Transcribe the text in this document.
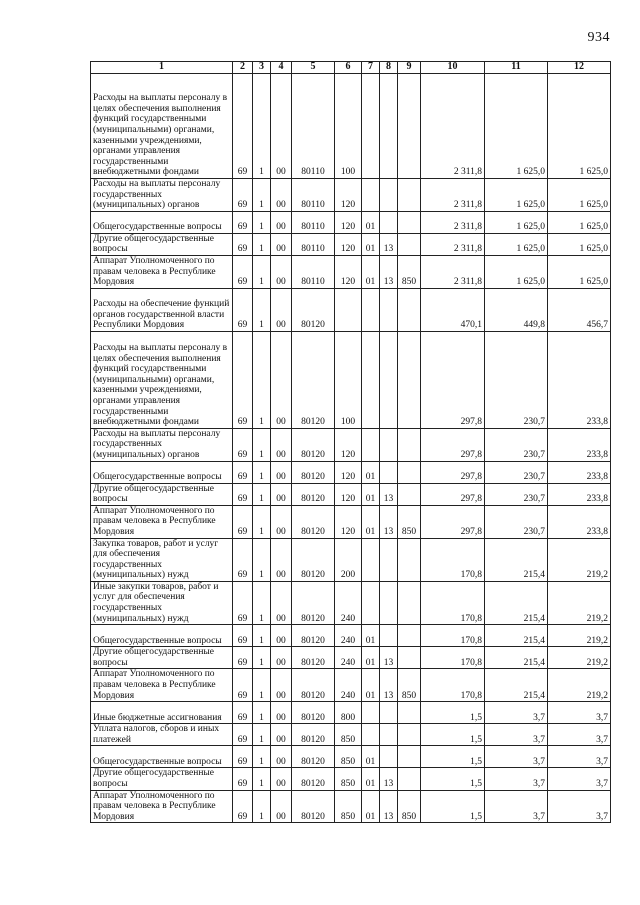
934
1	2	3	4	5	6	7	8	9	10	11	12
Расходы на выплаты персоналу в целях обеспечения выполнения функций государственными (муниципальными) органами, казенными учреждениями, органами управления государственными внебюджетными фондами	69	1	00	80110	100				2 311,8	1 625,0	1 625,0
Расходы на выплаты персоналу государственных (муниципальных) органов	69	1	00	80110	120				2 311,8	1 625,0	1 625,0
Общегосударственные вопросы	69	1	00	80110	120	01			2 311,8	1 625,0	1 625,0
Другие общегосударственные вопросы	69	1	00	80110	120	01	13		2 311,8	1 625,0	1 625,0
Аппарат Уполномоченного по правам человека в Республике Мордовия	69	1	00	80110	120	01	13	850	2 311,8	1 625,0	1 625,0
Расходы на обеспечение функций органов государственной власти Республики Мордовия	69	1	00	80120					470,1	449,8	456,7
Расходы на выплаты персоналу в целях обеспечения выполнения функций государственными (муниципальными) органами, казенными учреждениями, органами управления государственными внебюджетными фондами	69	1	00	80120	100				297,8	230,7	233,8
Расходы на выплаты персоналу государственных (муниципальных) органов	69	1	00	80120	120				297,8	230,7	233,8
Общегосударственные вопросы	69	1	00	80120	120	01			297,8	230,7	233,8
Другие общегосударственные вопросы	69	1	00	80120	120	01	13		297,8	230,7	233,8
Аппарат Уполномоченного по правам человека в Республике Мордовия	69	1	00	80120	120	01	13	850	297,8	230,7	233,8
Закупка товаров, работ и услуг для обеспечения государственных (муниципальных) нужд	69	1	00	80120	200				170,8	215,4	219,2
Иные закупки товаров, работ и услуг для обеспечения государственных (муниципальных) нужд	69	1	00	80120	240				170,8	215,4	219,2
Общегосударственные вопросы	69	1	00	80120	240	01			170,8	215,4	219,2
Другие общегосударственные вопросы	69	1	00	80120	240	01	13		170,8	215,4	219,2
Аппарат Уполномоченного по правам человека в Республике Мордовия	69	1	00	80120	240	01	13	850	170,8	215,4	219,2
Иные бюджетные ассигнования	69	1	00	80120	800				1,5	3,7	3,7
Уплата налогов, сборов и иных платежей	69	1	00	80120	850				1,5	3,7	3,7
Общегосударственные вопросы	69	1	00	80120	850	01			1,5	3,7	3,7
Другие общегосударственные вопросы	69	1	00	80120	850	01	13		1,5	3,7	3,7
Аппарат Уполномоченного по правам человека в Республике Мордовия	69	1	00	80120	850	01	13	850	1,5	3,7	3,7
